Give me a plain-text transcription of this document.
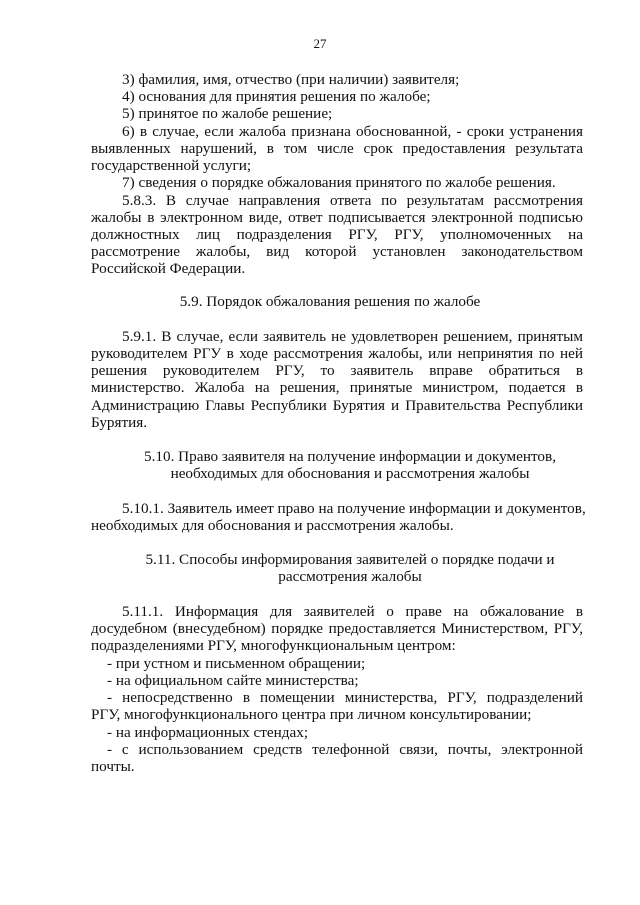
27
3) фамилия, имя, отчество (при наличии) заявителя;
4) основания для принятия решения по жалобе;
5) принятое по жалобе решение;
6) в случае, если жалоба признана обоснованной, - сроки устранения
выявленных нарушений, в том числе срок предоставления результата
государственной услуги;
7) сведения о порядке обжалования принятого по жалобе решения.
5.8.3. В случае направления ответа по результатам рассмотрения
жалобы в электронном виде, ответ подписывается электронной подписью
должностных лиц подразделения РГУ, РГУ, уполномоченных на
рассмотрение жалобы, вид которой установлен законодательством
Российской Федерации.
5.9. Порядок обжалования решения по жалобе
5.9.1. В случае, если заявитель не удовлетворен решением, принятым
руководителем РГУ в ходе рассмотрения жалобы, или непринятия по ней
решения руководителем РГУ, то заявитель вправе обратиться в
министерство. Жалоба на решения, принятые министром, подается в
Администрацию Главы Республики Бурятия и Правительства Республики
Бурятия.
5.10. Право заявителя на получение информации и документов,
необходимых для обоснования и рассмотрения жалобы
5.10.1. Заявитель имеет право на получение информации и документов,
необходимых для обоснования и рассмотрения жалобы.
5.11. Способы информирования заявителей о порядке подачи и
рассмотрения жалобы
5.11.1. Информация для заявителей о праве на обжалование в
досудебном (внесудебном) порядке предоставляется Министерством, РГУ,
подразделениями РГУ, многофункциональным центром:
- при устном и письменном обращении;
- на официальном сайте министерства;
- непосредственно в помещении министерства, РГУ, подразделений
РГУ, многофункционального центра при личном консультировании;
- на информационных стендах;
- с использованием средств телефонной связи, почты, электронной
почты.
